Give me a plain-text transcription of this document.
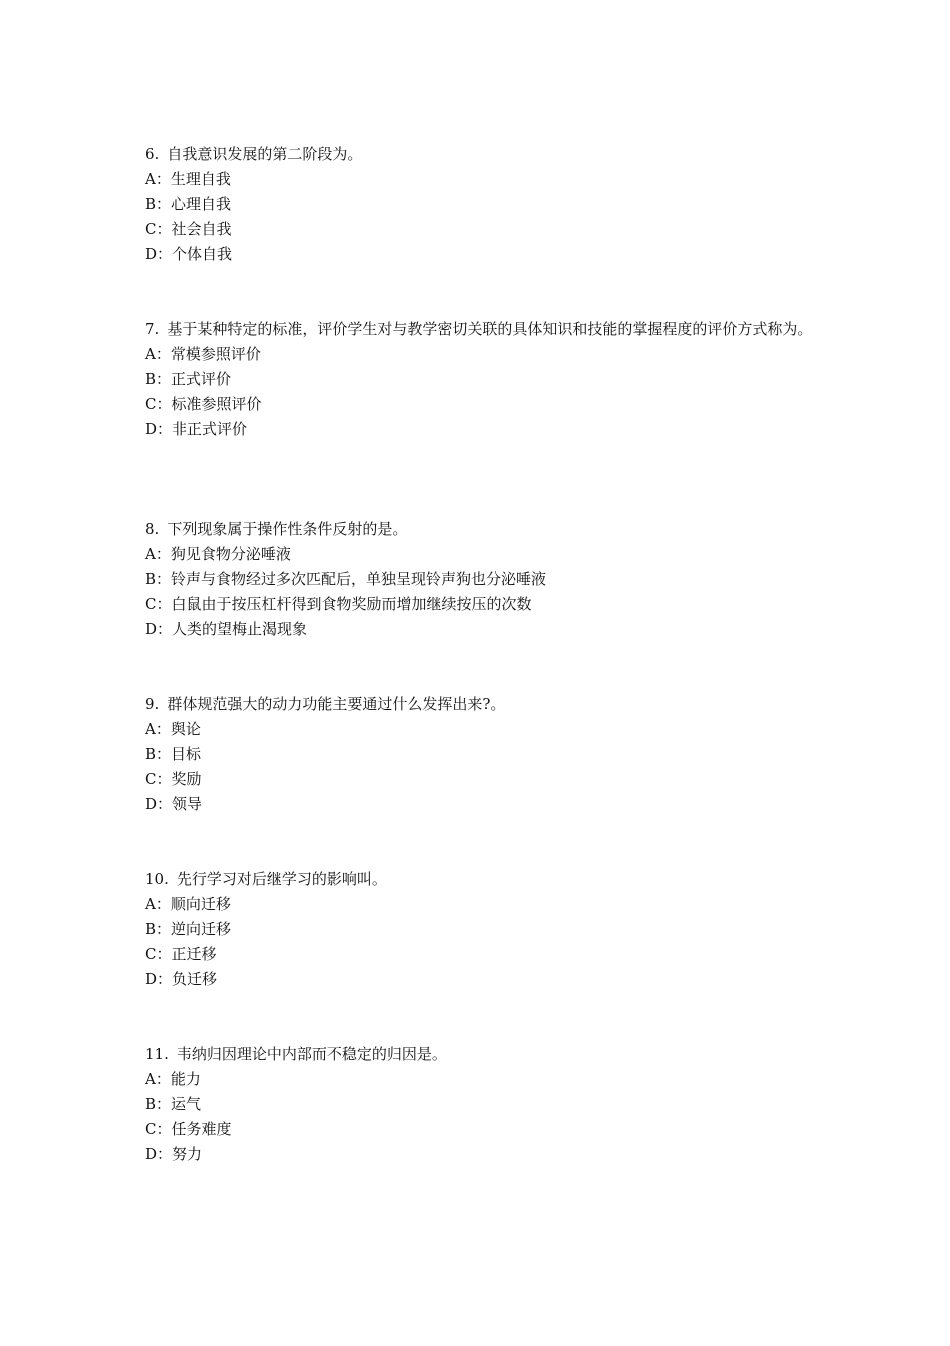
6. 自我意识发展的第二阶段为。

A：生理自我

B：心理自我

C：社会自我

D：个体自我

7. 基于某种特定的标准，评价学生对与教学密切关联的具体知识和技能的掌握程度的评价方式称为。

A：常模参照评价

B：正式评价

C：标准参照评价

D：非正式评价

8. 下列现象属于操作性条件反射的是。

A：狗见食物分泌唾液

B：铃声与食物经过多次匹配后，单独呈现铃声狗也分泌唾液

C：白鼠由于按压杠杆得到食物奖励而增加继续按压的次数

D：人类的望梅止渴现象

9. 群体规范强大的动力功能主要通过什么发挥出来?。

A：舆论

B：目标

C：奖励

D：领导

10. 先行学习对后继学习的影响叫。

A：顺向迁移

B：逆向迁移

C：正迁移

D：负迁移

11. 韦纳归因理论中内部而不稳定的归因是。

A：能力

B：运气

C：任务难度

D：努力
